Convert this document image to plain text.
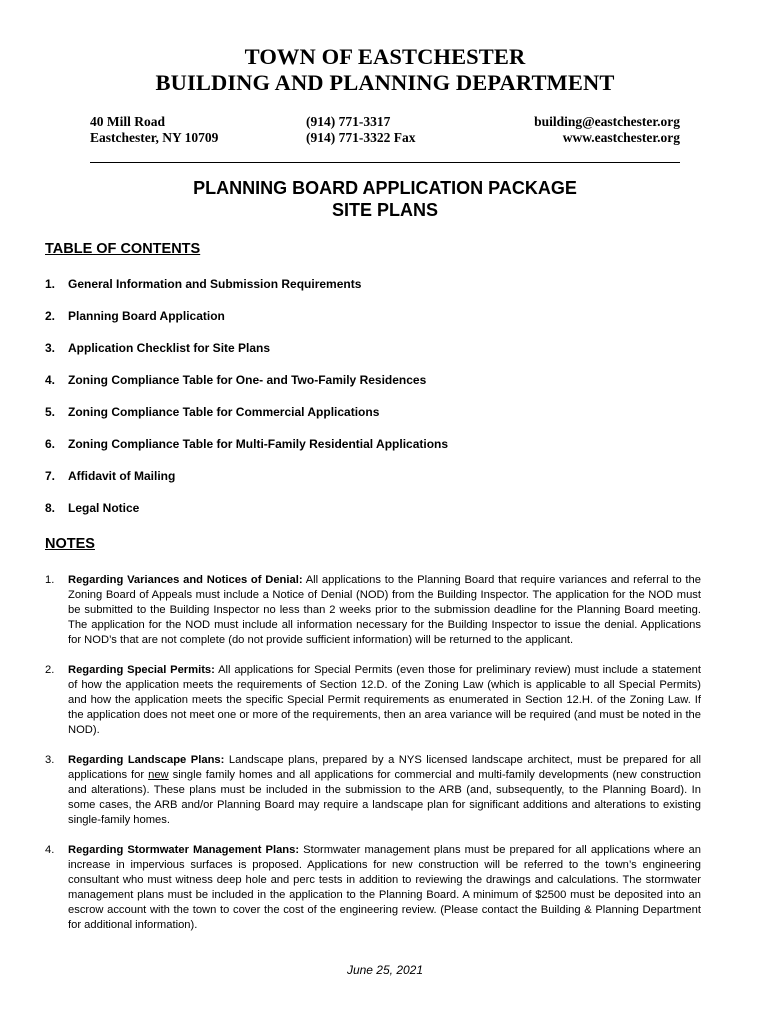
TOWN OF EASTCHESTER
BUILDING AND PLANNING DEPARTMENT
40 Mill Road
Eastchester, NY 10709
(914) 771-3317
(914) 771-3322 Fax
building@eastchester.org
www.eastchester.org
PLANNING BOARD APPLICATION PACKAGE
SITE PLANS
TABLE OF CONTENTS
1. General Information and Submission Requirements
2. Planning Board Application
3. Application Checklist for Site Plans
4. Zoning Compliance Table for One- and Two-Family Residences
5. Zoning Compliance Table for Commercial Applications
6. Zoning Compliance Table for Multi-Family Residential Applications
7. Affidavit of Mailing
8. Legal Notice
NOTES
1. Regarding Variances and Notices of Denial: All applications to the Planning Board that require variances and referral to the Zoning Board of Appeals must include a Notice of Denial (NOD) from the Building Inspector. The application for the NOD must be submitted to the Building Inspector no less than 2 weeks prior to the submission deadline for the Planning Board meeting. The application for the NOD must include all information necessary for the Building Inspector to issue the denial. Applications for NOD’s that are not complete (do not provide sufficient information) will be returned to the applicant.
2. Regarding Special Permits: All applications for Special Permits (even those for preliminary review) must include a statement of how the application meets the requirements of Section 12.D. of the Zoning Law (which is applicable to all Special Permits) and how the application meets the specific Special Permit requirements as enumerated in Section 12.H. of the Zoning Law. If the application does not meet one or more of the requirements, then an area variance will be required (and must be noted in the NOD).
3. Regarding Landscape Plans: Landscape plans, prepared by a NYS licensed landscape architect, must be prepared for all applications for new single family homes and all applications for commercial and multi-family developments (new construction and alterations). These plans must be included in the submission to the ARB (and, subsequently, to the Planning Board). In some cases, the ARB and/or Planning Board may require a landscape plan for significant additions and alterations to existing single-family homes.
4. Regarding Stormwater Management Plans: Stormwater management plans must be prepared for all applications where an increase in impervious surfaces is proposed. Applications for new construction will be referred to the town’s engineering consultant who must witness deep hole and perc tests in addition to reviewing the drawings and calculations. The stormwater management plans must be included in the application to the Planning Board. A minimum of $2500 must be deposited into an escrow account with the town to cover the cost of the engineering review. (Please contact the Building & Planning Department for additional information).
June 25, 2021
